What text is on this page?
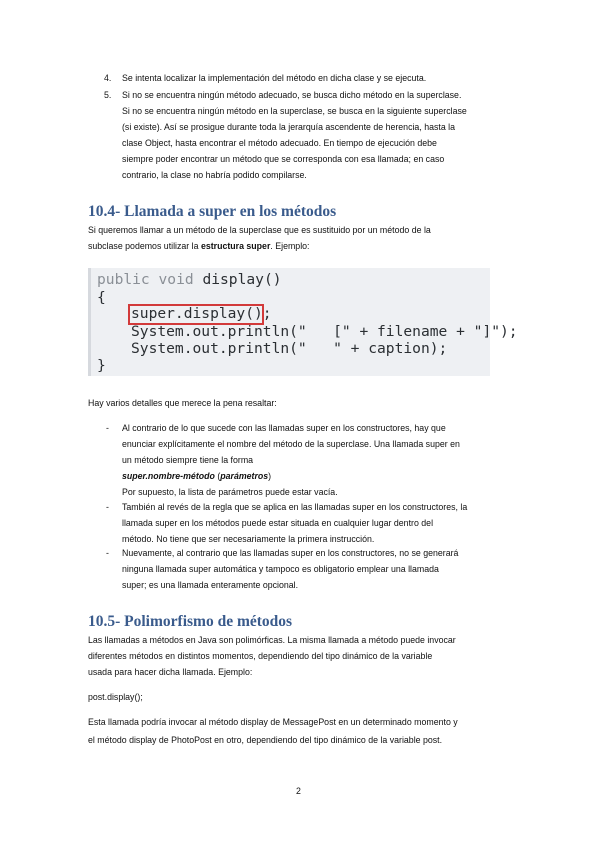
4. Se intenta localizar la implementación del método en dicha clase y se ejecuta.
5. Si no se encuentra ningún método adecuado, se busca dicho método en la superclase.
Si no se encuentra ningún método en la superclase, se busca en la siguiente superclase
(si existe). Así se prosigue durante toda la jerarquía ascendente de herencia, hasta la
clase Object, hasta encontrar el método adecuado. En tiempo de ejecución debe
siempre poder encontrar un método que se corresponda con esa llamada; en caso
contrario, la clase no habría podido compilarse.
10.4- Llamada a super en los métodos
Si queremos llamar a un método de la superclase que es sustituido por un método de la
subclase podemos utilizar la estructura super. Ejemplo:
public void display()
{
super.display();
System.out.println("   [" + filename + "]");
System.out.println("   " + caption);
}
Hay varios detalles que merece la pena resaltar:
- Al contrario de lo que sucede con las llamadas super en los constructores, hay que
enunciar explícitamente el nombre del método de la superclase. Una llamada super en
un método siempre tiene la forma
super.nombre-método (parámetros)
Por supuesto, la lista de parámetros puede estar vacía.
- También al revés de la regla que se aplica en las llamadas super en los constructores, la
llamada super en los métodos puede estar situada en cualquier lugar dentro del
método. No tiene que ser necesariamente la primera instrucción.
- Nuevamente, al contrario que las llamadas super en los constructores, no se generará
ninguna llamada super automática y tampoco es obligatorio emplear una llamada
super; es una llamada enteramente opcional.
10.5- Polimorfismo de métodos
Las llamadas a métodos en Java son polimórficas. La misma llamada a método puede invocar
diferentes métodos en distintos momentos, dependiendo del tipo dinámico de la variable
usada para hacer dicha llamada. Ejemplo:
post.display();
Esta llamada podría invocar al método display de MessagePost en un determinado momento y
el método display de PhotoPost en otro, dependiendo del tipo dinámico de la variable post.
2
